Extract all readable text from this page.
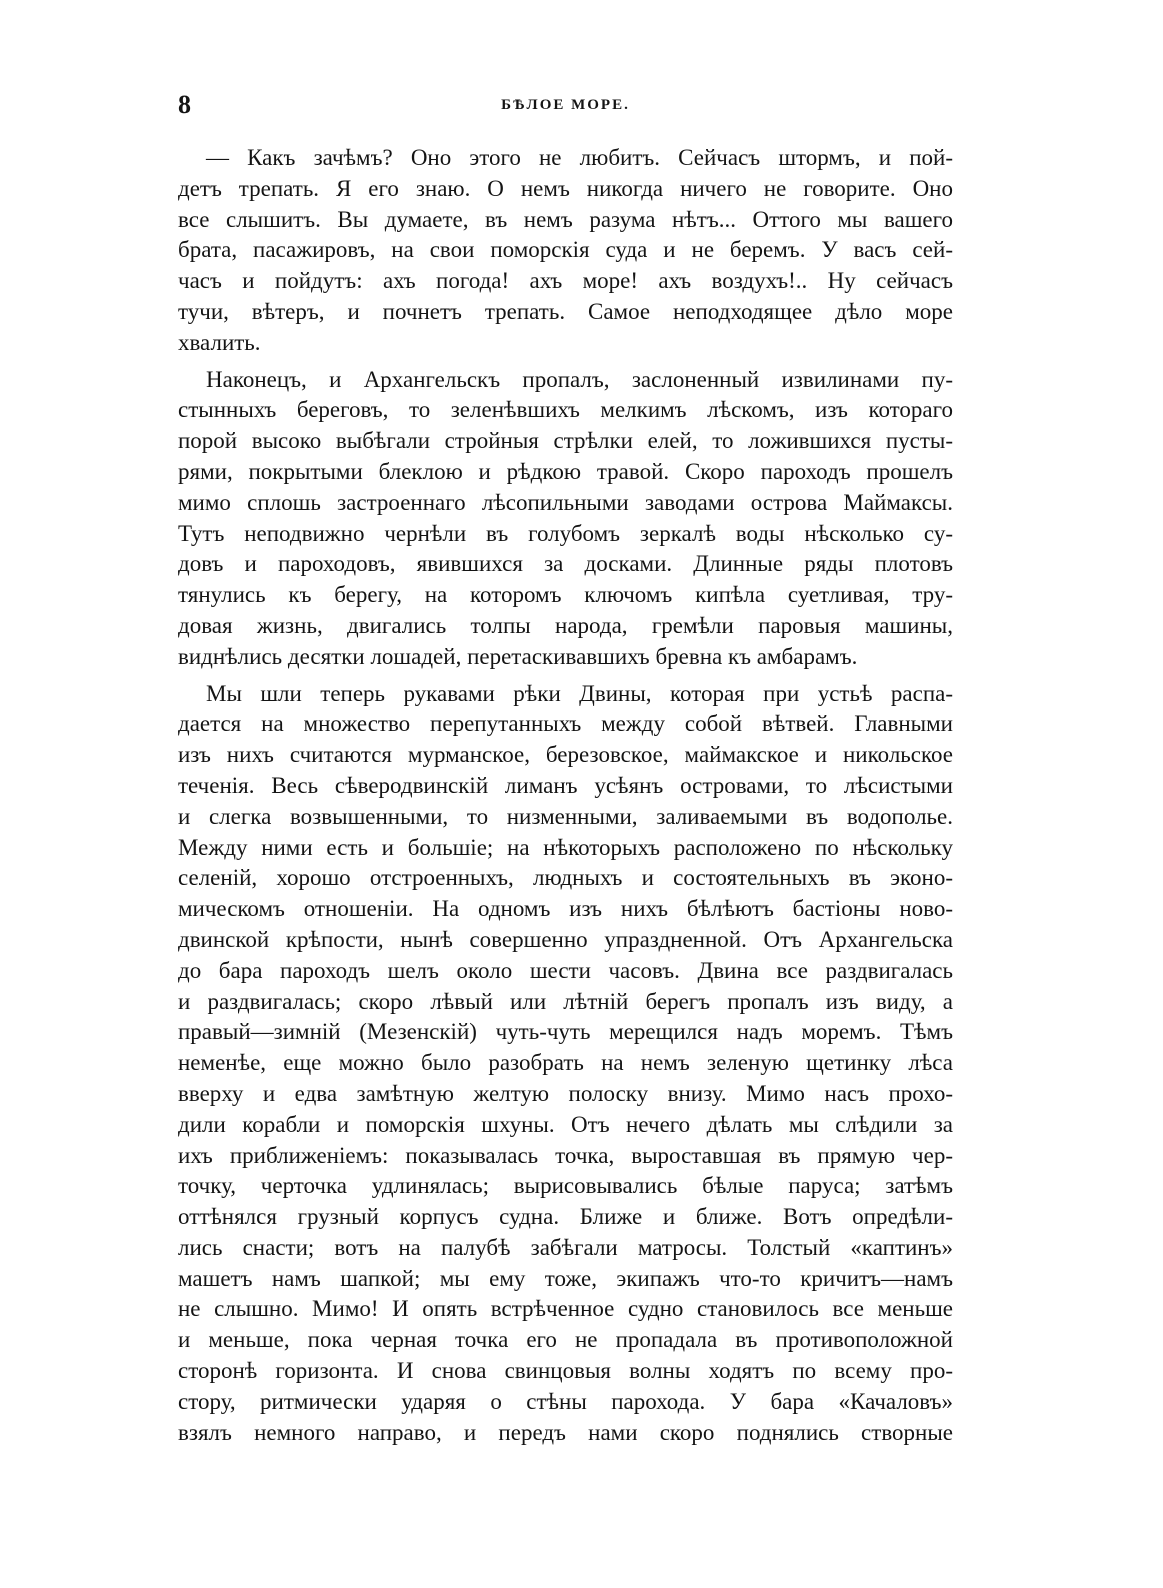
8	БѢЛОЕ МОРЕ.
— Какъ зачѣмъ? Оно этого не любитъ. Сейчасъ штормъ, и пой-
детъ трепать. Я его знаю. О немъ никогда ничего не говорите. Оно
все слышитъ. Вы думаете, въ немъ разума нѣтъ... Оттого мы вашего
брата, пасажировъ, на свои поморскія суда и не беремъ. У васъ сей-
часъ и пойдутъ: ахъ погода! ахъ море! ахъ воздухъ!.. Ну сейчасъ
тучи, вѣтеръ, и почнетъ трепать. Самое неподходящее дѣло море
хвалить.
Наконецъ, и Архангельскъ пропалъ, заслоненный извилинами пу-
стынныхъ береговъ, то зеленѣвшихъ мелкимъ лѣскомъ, изъ котораго
порой высоко выбѣгали стройныя стрѣлки елей, то ложившихся пусты-
рями, покрытыми блеклою и рѣдкою травой. Скоро пароходъ прошелъ
мимо сплошь застроеннаго лѣсопильными заводами острова Маймаксы.
Тутъ неподвижно чернѣли въ голубомъ зеркалѣ воды нѣсколько су-
довъ и пароходовъ, явившихся за досками. Длинные ряды плотовъ
тянулись къ берегу, на которомъ ключомъ кипѣла суетливая, тру-
довая жизнь, двигались толпы народа, гремѣли паровыя машины,
виднѣлись десятки лошадей, перетаскивавшихъ бревна къ амбарамъ.
Мы шли теперь рукавами рѣки Двины, которая при устьѣ распа-
дается на множество перепутанныхъ между собой вѣтвей. Главными
изъ нихъ считаются мурманское, березовское, маймакское и никольское
теченія. Весь сѣверодвинскій лиманъ усѣянъ островами, то лѣсистыми
и слегка возвышенными, то низменными, заливаемыми въ водополье.
Между ними есть и большіе; на нѣкоторыхъ расположено по нѣскольку
селеній, хорошо отстроенныхъ, людныхъ и состоятельныхъ въ эконо-
мическомъ отношеніи. На одномъ изъ нихъ бѣлѣютъ бастіоны ново-
двинской крѣпости, нынѣ совершенно упраздненной. Отъ Архангельска
до бара пароходъ шелъ около шести часовъ. Двина все раздвигалась
и раздвигалась; скоро лѣвый или лѣтній берегъ пропалъ изъ виду, а
правый—зимній (Мезенскій) чуть-чуть мерещился надъ моремъ. Тѣмъ
неменѣе, еще можно было разобрать на немъ зеленую щетинку лѣса
вверху и едва замѣтную желтую полоску внизу. Мимо насъ прохо-
дили корабли и поморскія шхуны. Отъ нечего дѣлать мы слѣдили за
ихъ приближеніемъ: показывалась точка, выроставшая въ прямую чер-
точку, черточка удлинялась; вырисовывались бѣлые паруса; затѣмъ
оттѣнялся грузный корпусъ судна. Ближе и ближе. Вотъ опредѣли-
лись снасти; вотъ на палубѣ забѣгали матросы. Толстый «каптинъ»
машетъ намъ шапкой; мы ему тоже, экипажъ что-то кричитъ—намъ
не слышно. Мимо! И опять встрѣченное судно становилось все меньше
и меньше, пока черная точка его не пропадала въ противоположной
сторонѣ горизонта. И снова свинцовыя волны ходятъ по всему про-
стору, ритмически ударяя о стѣны парохода. У бара «Качаловъ»
взялъ немного направо, и передъ нами скоро поднялись створные
